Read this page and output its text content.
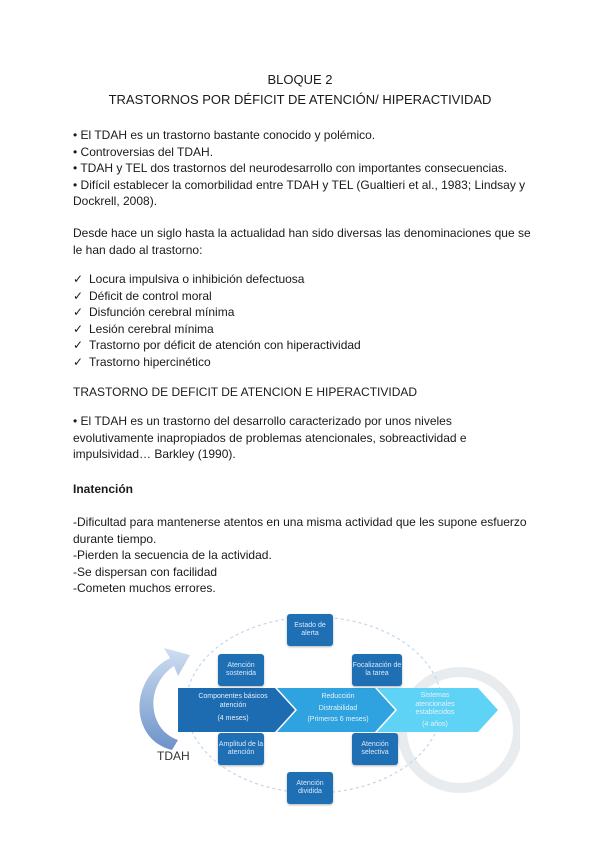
BLOQUE 2
TRASTORNOS POR DÉFICIT DE ATENCIÓN/ HIPERACTIVIDAD

• El TDAH es un trastorno bastante conocido y polémico.

• Controversias del TDAH.

• TDAH y TEL dos trastornos del neurodesarrollo con importantes consecuencias.

• Difícil establecer la comorbilidad entre TDAH y TEL (Gualtieri et al., 1983; Lindsay y Dockrell, 2008).

Desde hace un siglo hasta la actualidad han sido diversas las denominaciones que se le han dado al trastorno:
✓ Locura impulsiva o inhibición defectuosa
✓ Déficit de control moral
✓ Disfunción cerebral mínima
✓ Lesión cerebral mínima
✓ Trastorno por déficit de atención con hiperactividad
✓ Trastorno hipercinético
TRASTORNO DE DEFICIT DE ATENCION E HIPERACTIVIDAD
• El TDAH es un trastorno del desarrollo caracterizado por unos niveles evolutivamente inapropiados de problemas atencionales, sobreactividad e impulsividad… Barkley (1990).
Inatención

-Dificultad para mantenerse atentos en una misma actividad que les supone esfuerzo durante tiempo.

-Pierden la secuencia de la actividad.

-Se dispersan con facilidad

-Cometen muchos errores.

Estado de alerta
Atención sostenida
Focalización de la tarea
Amplitud de la atención
Atención selectiva
Atención dividida
Componentes básicos
atención
(4 meses)
Reducción
Distrabilidad
(Primeros 6 meses)
Sistemas
atencionales
establecidos
(4 años)
TDAH
